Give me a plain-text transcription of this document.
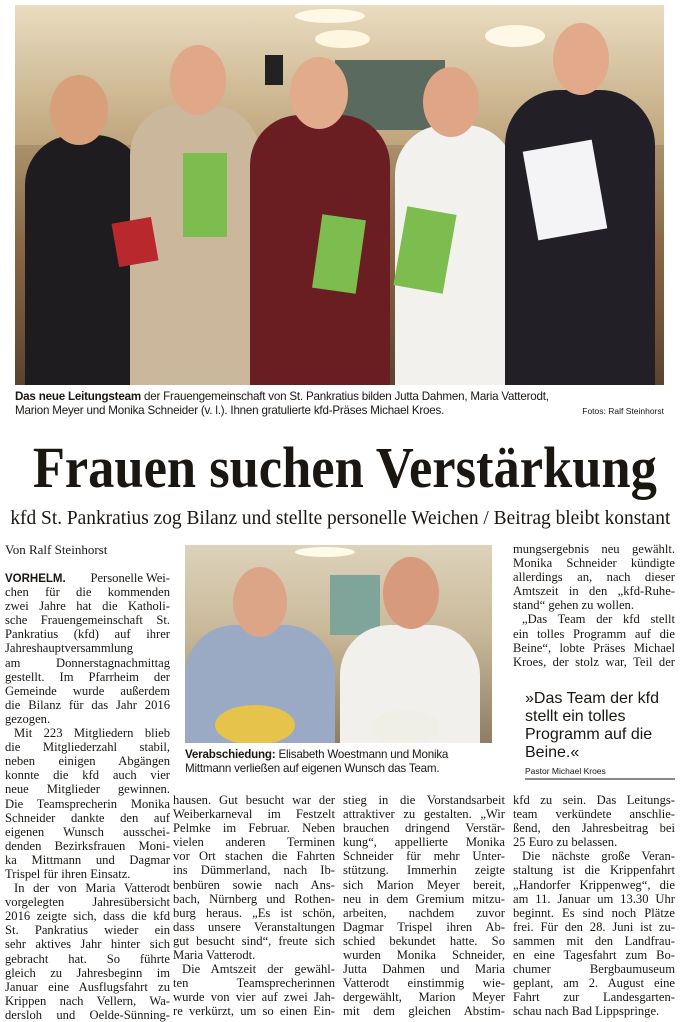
Das neue Leitungsteam der Frauengemeinschaft von St. Pankratius bilden Jutta Dahmen, Maria Vatterodt, Marion Meyer und Monika Schneider (v. l.). Ihnen gratulierte kfd-Präses Michael Kroes.	Fotos: Ralf Steinhorst
Frauen suchen Verstärkung
kfd St. Pankratius zog Bilanz und stellte personelle Weichen / Beitrag bleibt konstant
Von Ralf Steinhorst
Verabschiedung: Elisabeth Woestmann und Monika Mittmann verließen auf eigenen Wunsch das Team.
VORHELM. Personelle Wei-
chen für die kommenden
zwei Jahre hat die Katholi-
sche Frauengemeinschaft St.
Pankratius (kfd) auf ihrer
Jahreshauptversammlung
am Donnerstagnachmittag
gestellt. Im Pfarrheim der
Gemeinde wurde außerdem
die Bilanz für das Jahr 2016
gezogen.
Mit 223 Mitgliedern blieb
die Mitgliederzahl stabil,
neben einigen Abgängen
konnte die kfd auch vier
neue Mitglieder gewinnen.
Die Teamsprecherin Monika
Schneider dankte den auf
eigenen Wunsch ausschei-
denden Bezirksfrauen Moni-
ka Mittmann und Dagmar
Trispel für ihren Einsatz.
In der von Maria Vatterodt
vorgelegten Jahresübersicht
2016 zeigte sich, dass die kfd
St. Pankratius wieder ein
sehr aktives Jahr hinter sich
gebracht hat. So führte
gleich zu Jahresbeginn im
Januar eine Ausflugsfahrt zu
Krippen nach Vellern, Wa-
dersloh und Oelde-Sünning-
hausen. Gut besucht war der
Weiberkarneval im Festzelt
Pelmke im Februar. Neben
vielen anderen Terminen
vor Ort stachen die Fahrten
ins Dümmerland, nach Ib-
benbüren sowie nach Ans-
bach, Nürnberg und Rothen-
burg heraus. „Es ist schön,
dass unsere Veranstaltungen
gut besucht sind“, freute sich
Maria Vatterodt.
Die Amtszeit der gewähl-
ten Teamsprecherinnen
wurde von vier auf zwei Jah-
re verkürzt, um so einen Ein-
stieg in die Vorstandsarbeit
attraktiver zu gestalten. „Wir
brauchen dringend Verstär-
kung“, appellierte Monika
Schneider für mehr Unter-
stützung. Immerhin zeigte
sich Marion Meyer bereit,
neu in dem Gremium mitzu-
arbeiten, nachdem zuvor
Dagmar Trispel ihren Ab-
schied bekundet hatte. So
wurden Monika Schneider,
Jutta Dahmen und Maria
Vatterodt einstimmig wie-
dergewählt, Marion Meyer
mit dem gleichen Abstim-
mungsergebnis neu gewählt.
Monika Schneider kündigte
allerdings an, nach dieser
Amtszeit in den „kfd-Ruhe-
stand“ gehen zu wollen.
„Das Team der kfd stellt
ein tolles Programm auf die
Beine“, lobte Präses Michael
Kroes, der stolz war, Teil der
kfd zu sein. Das Leitungs-
team verkündete anschlie-
ßend, den Jahresbeitrag bei
25 Euro zu belassen.
Die nächste große Veran-
staltung ist die Krippenfahrt
„Handorfer Krippenweg“, die
am 11. Januar um 13.30 Uhr
beginnt. Es sind noch Plätze
frei. Für den 28. Juni ist zu-
sammen mit den Landfrau-
en eine Tagesfahrt zum Bo-
chumer Bergbaumuseum
geplant, am 2. August eine
Fahrt zur Landesgarten-
schau nach Bad Lippspringe.
»Das Team der kfd stellt ein tolles Programm auf die Beine.«
Pastor Michael Kroes
